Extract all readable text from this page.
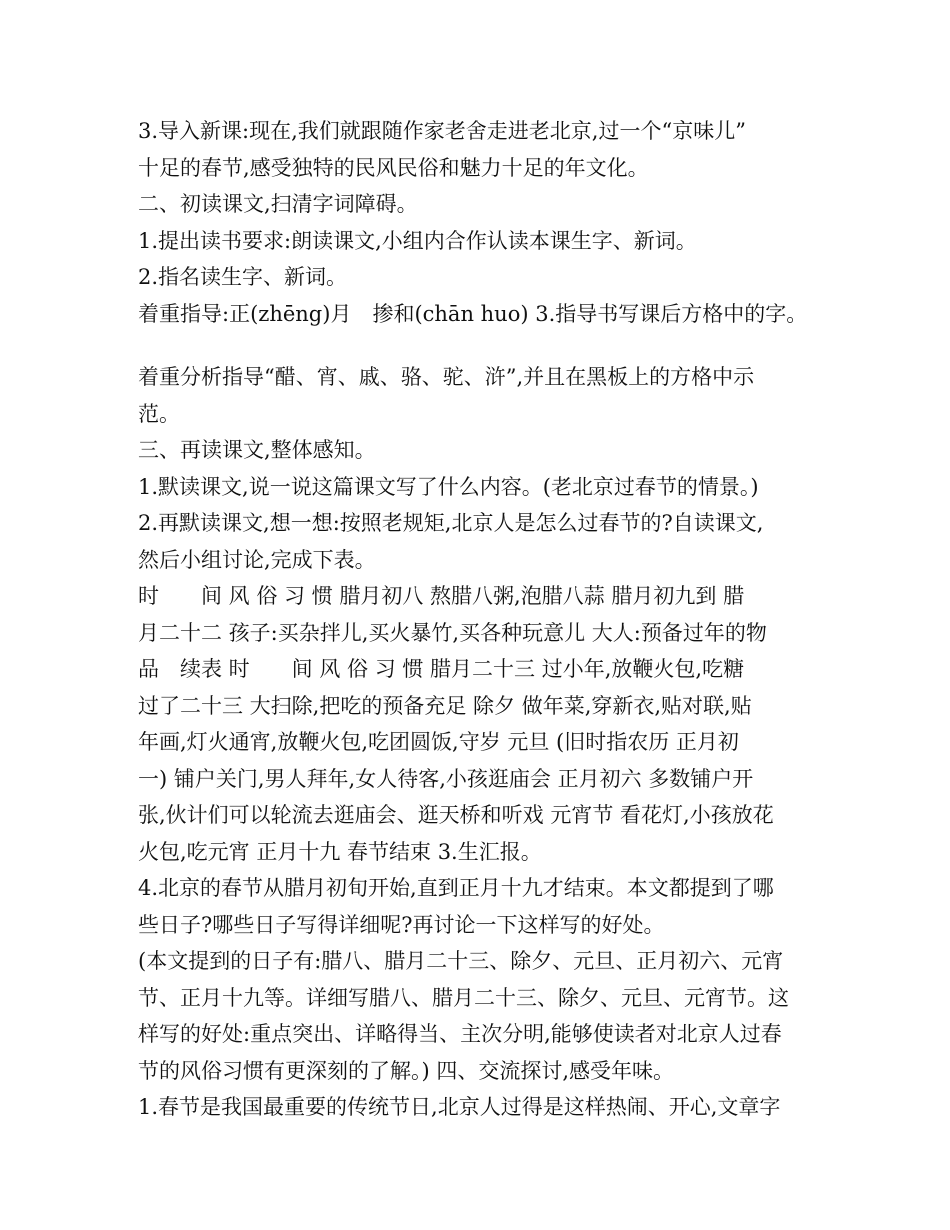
3.导入新课:现在,我们就跟随作家老舍走进老北京,过一个“京味儿”
十足的春节,感受独特的民风民俗和魅力十足的年文化。
二、初读课文,扫清字词障碍。
1.提出读书要求:朗读课文,小组内合作认读本课生字、新词。
2.指名读生字、新词。
着重指导:正(zhēng)月　掺和(chān huo) 3.指导书写课后方格中的字。
着重分析指导“醋、宵、戚、骆、驼、浒”,并且在黑板上的方格中示
范。
三、再读课文,整体感知。
1.默读课文,说一说这篇课文写了什么内容。(老北京过春节的情景。)
2.再默读课文,想一想:按照老规矩,北京人是怎么过春节的?自读课文,
然后小组讨论,完成下表。
时　　间 风 俗 习 惯 腊月初八 熬腊八粥,泡腊八蒜 腊月初九到 腊
月二十二 孩子:买杂拌儿,买火暴竹,买各种玩意儿 大人:预备过年的物
品　续表 时　　间 风 俗 习 惯 腊月二十三 过小年,放鞭火包,吃糖
过了二十三 大扫除,把吃的预备充足 除夕 做年菜,穿新衣,贴对联,贴
年画,灯火通宵,放鞭火包,吃团圆饭,守岁 元旦 (旧时指农历 正月初
一) 铺户关门,男人拜年,女人待客,小孩逛庙会 正月初六 多数铺户开
张,伙计们可以轮流去逛庙会、逛天桥和听戏 元宵节 看花灯,小孩放花
火包,吃元宵 正月十九 春节结束 3.生汇报。
4.北京的春节从腊月初旬开始,直到正月十九才结束。本文都提到了哪
些日子?哪些日子写得详细呢?再讨论一下这样写的好处。
(本文提到的日子有:腊八、腊月二十三、除夕、元旦、正月初六、元宵
节、正月十九等。详细写腊八、腊月二十三、除夕、元旦、元宵节。这
样写的好处:重点突出、详略得当、主次分明,能够使读者对北京人过春
节的风俗习惯有更深刻的了解。) 四、交流探讨,感受年味。
1.春节是我国最重要的传统节日,北京人过得是这样热闹、开心,文章字
